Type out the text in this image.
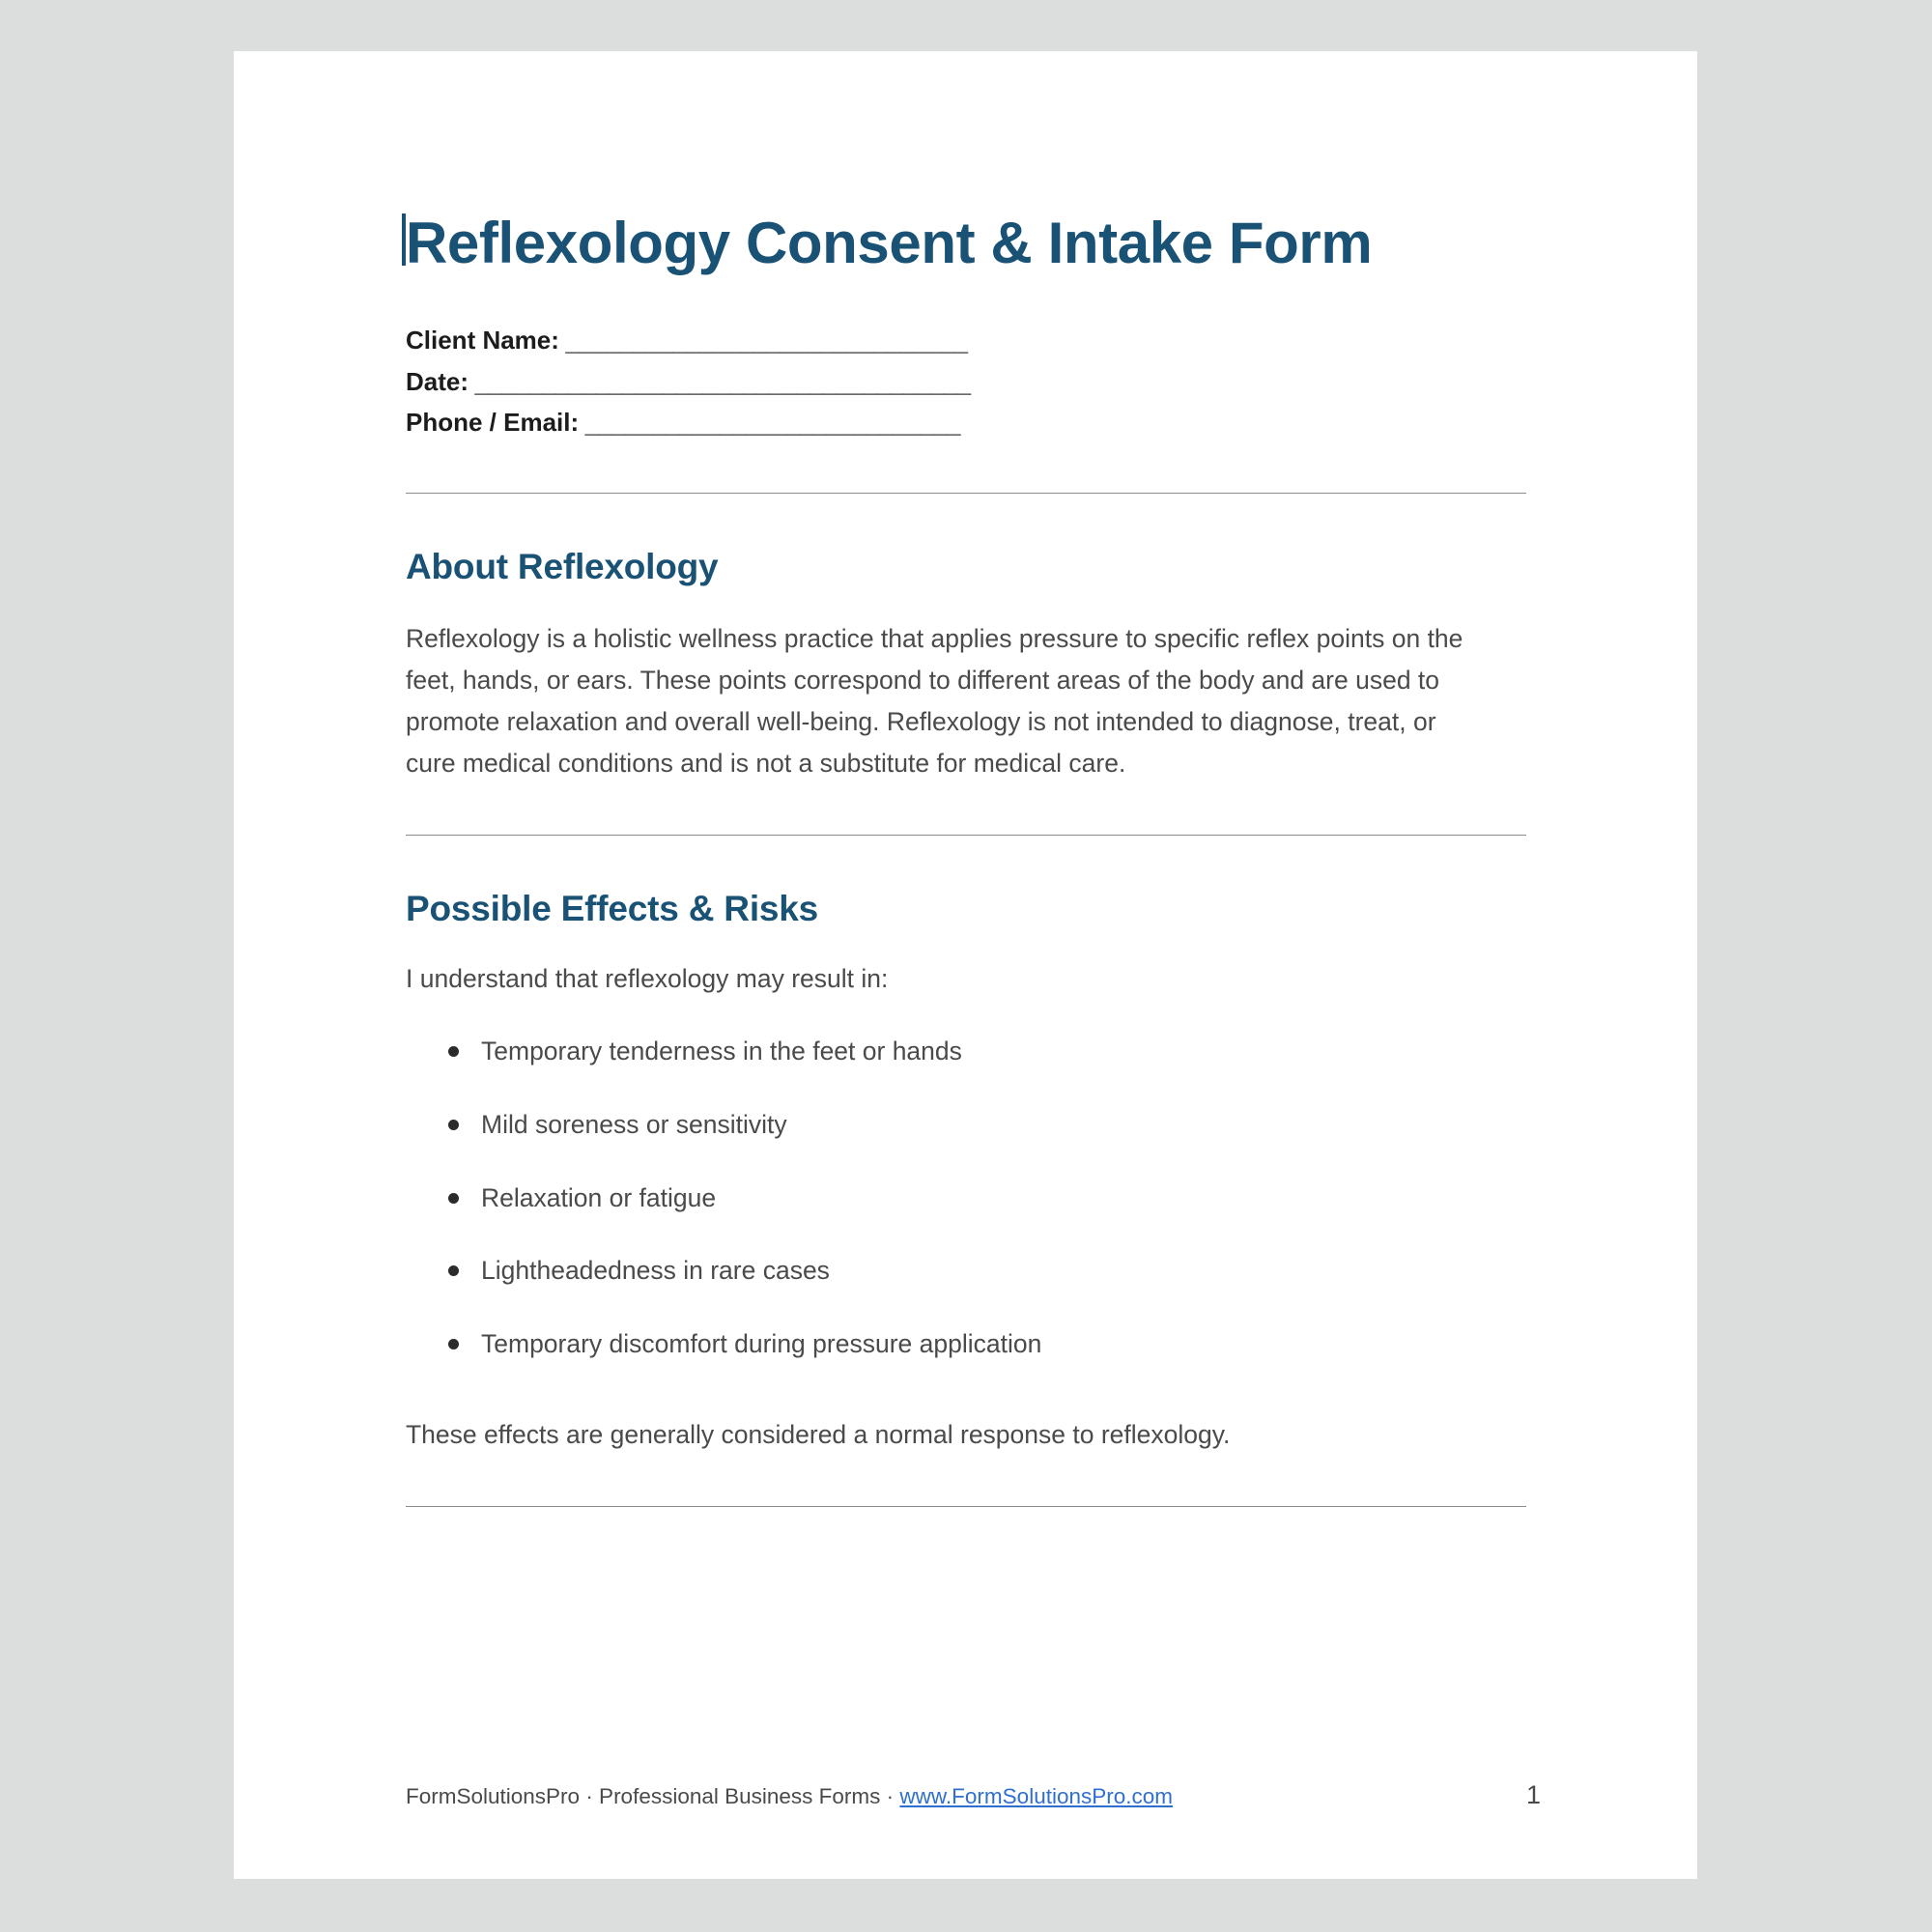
Reflexology Consent & Intake Form
Client Name: ______________________________
Date: _____________________________________
Phone / Email: ____________________________
About Reflexology

Reflexology is a holistic wellness practice that applies pressure to specific reflex points on the feet, hands, or ears. These points correspond to different areas of the body and are used to promote relaxation and overall well-being. Reflexology is not intended to diagnose, treat, or cure medical conditions and is not a substitute for medical care.

Possible Effects & Risks

I understand that reflexology may result in:

Temporary tenderness in the feet or hands
Mild soreness or sensitivity
Relaxation or fatigue
Lightheadedness in rare cases
Temporary discomfort during pressure application

These effects are generally considered a normal response to reflexology.

FormSolutionsPro · Professional Business Forms · www.FormSolutionsPro.com	1
